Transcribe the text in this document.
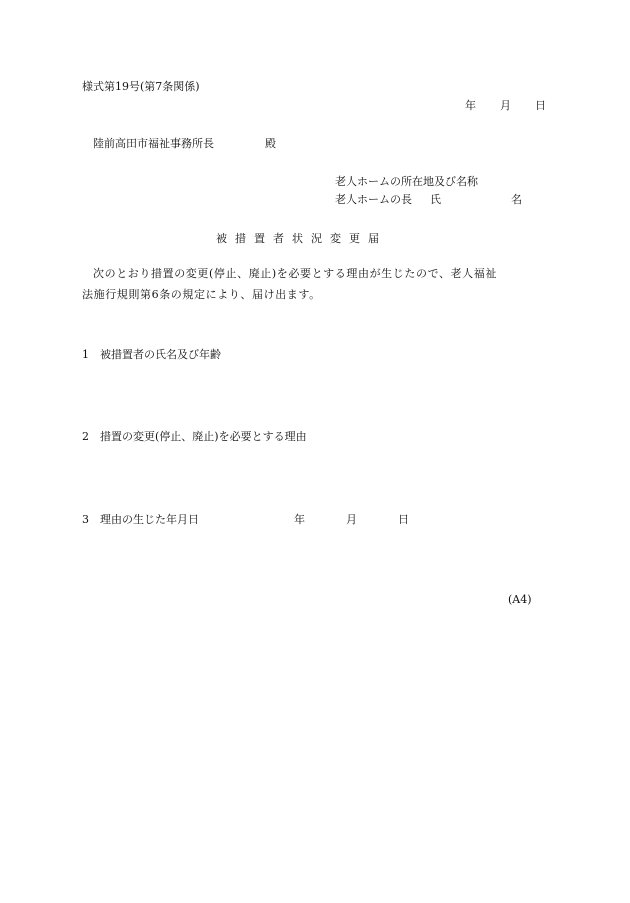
様式第19号(第7条関係)
年 月 日
陸前高田市福祉事務所長	殿
老人ホームの所在地及び名称
老人ホームの長 氏	名
被措置者状況変更届
次のとおり措置の変更(停止、廃止)を必要とする理由が生じたので、老人福祉
法施行規則第6条の規定により、届け出ます。
1 被措置者の氏名及び年齢
2 措置の変更(停止、廃止)を必要とする理由
3 理由の生じた年月日	年	月	日
(A4)
